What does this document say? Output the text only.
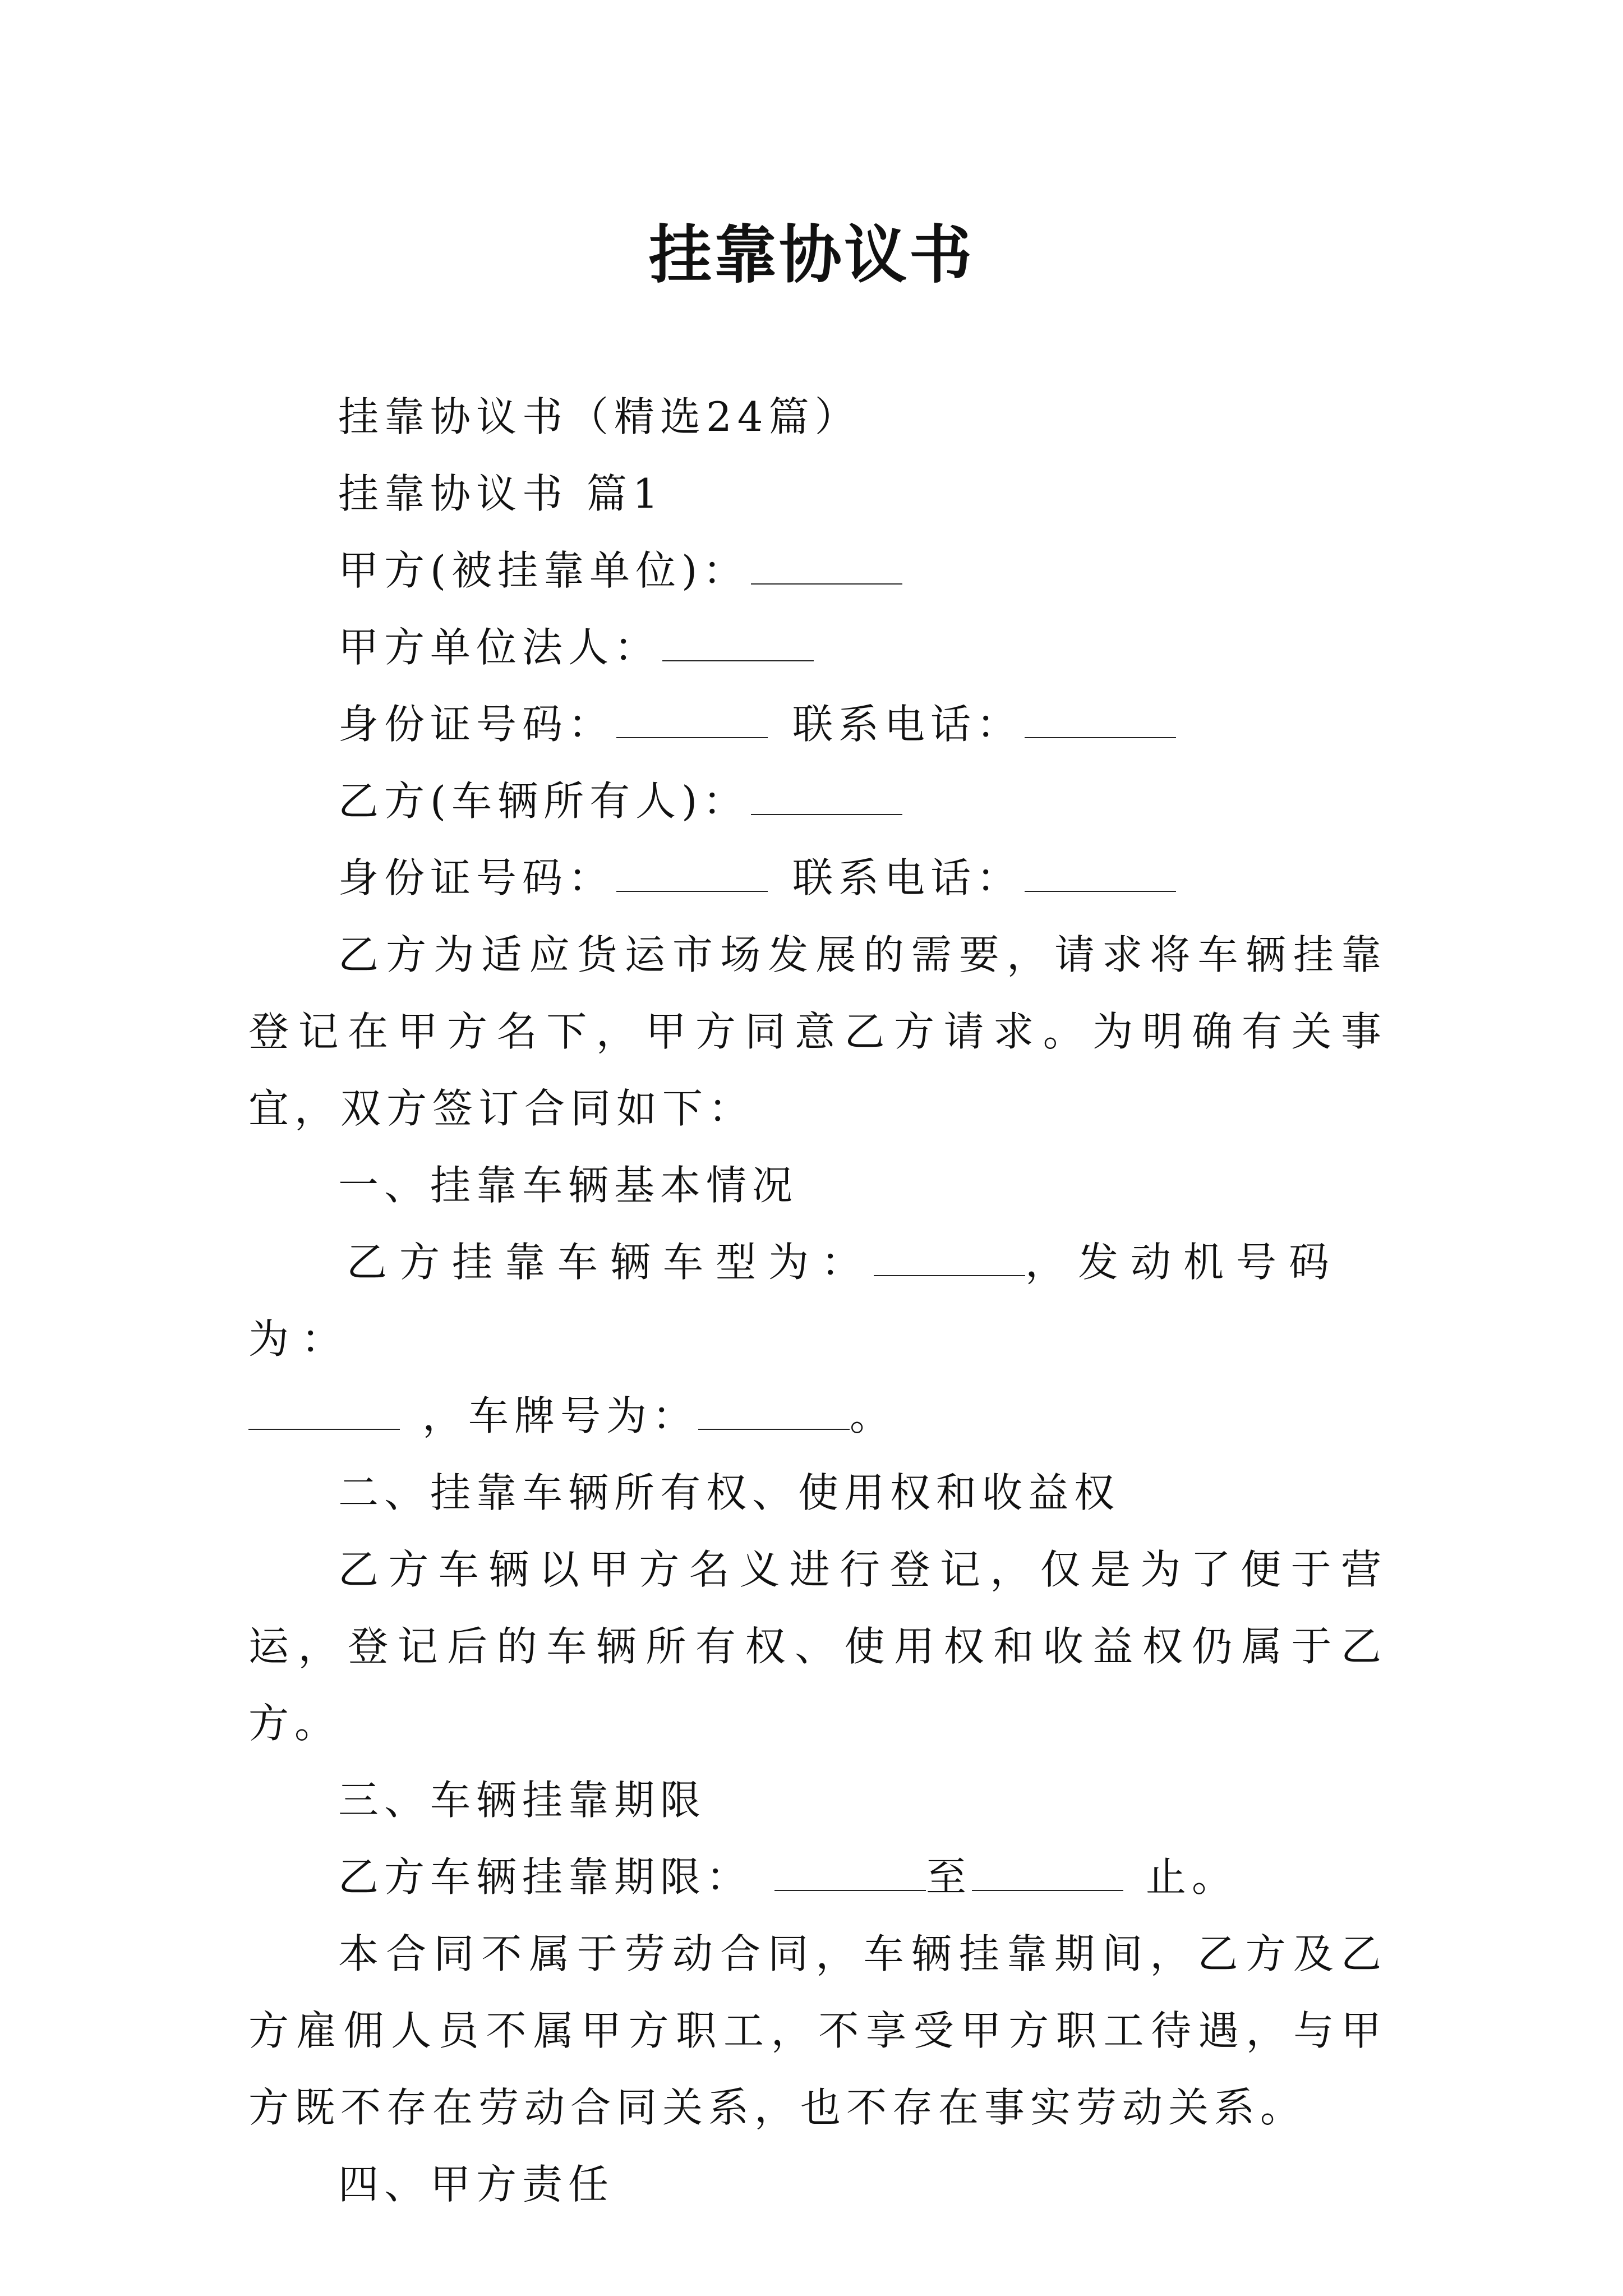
挂靠协议书

挂靠协议书（精选24篇）

挂靠协议书 篇1

甲方(被挂靠单位)：

甲方单位法人：

身份证号码：	联系电话：

乙方(车辆所有人)：

身份证号码：	联系电话：

乙方为适应货运市场发展的需要，请求将车辆挂靠登记在甲方名下，甲方同意乙方请求。为明确有关事宜，双方签订合同如下：

一、挂靠车辆基本情况

乙方挂靠车辆车型为：	，发动机号码为：

，车牌号为：	。

二、挂靠车辆所有权、使用权和收益权

乙方车辆以甲方名义进行登记，仅是为了便于营运，登记后的车辆所有权、使用权和收益权仍属于乙方。

三、车辆挂靠期限

乙方车辆挂靠期限：	至	止。

本合同不属于劳动合同，车辆挂靠期间，乙方及乙方雇佣人员不属甲方职工，不享受甲方职工待遇，与甲方既不存在劳动合同关系，也不存在事实劳动关系。

四、甲方责任
